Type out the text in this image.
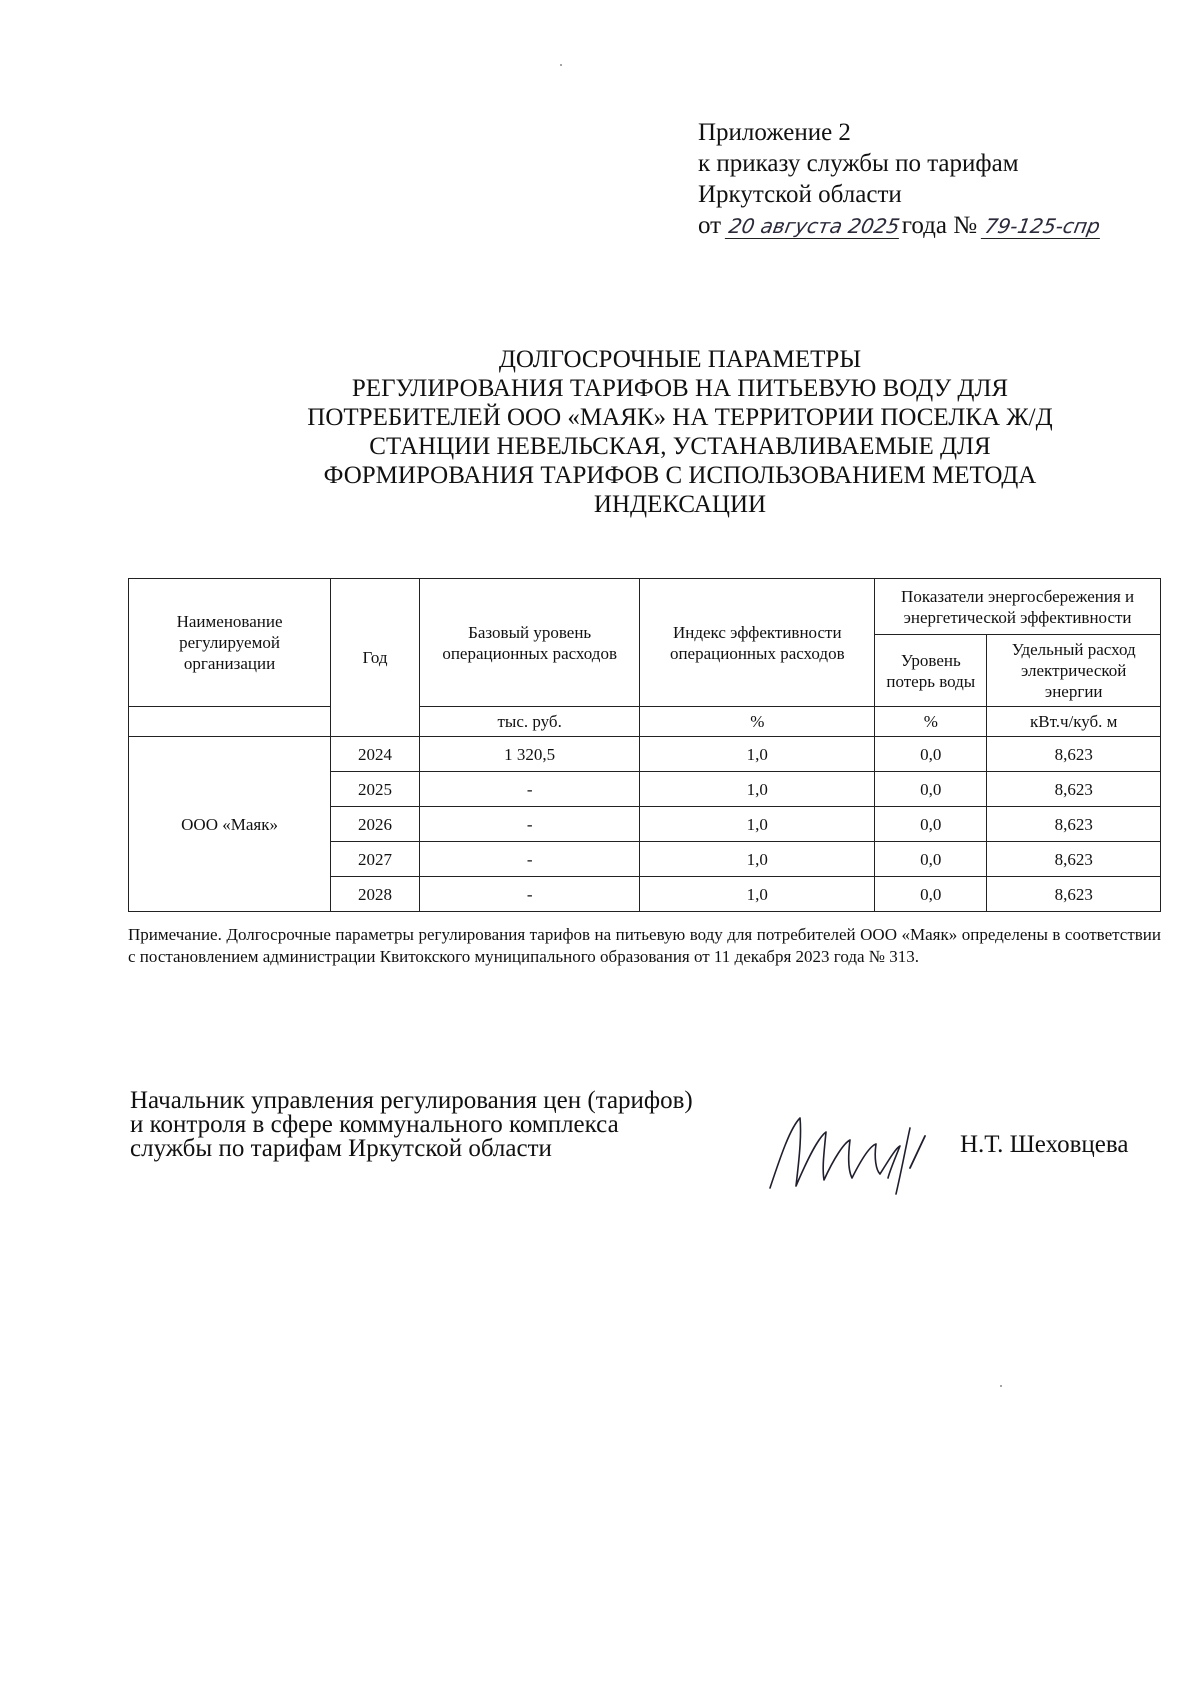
Приложение 2
к приказу службы по тарифам
Иркутской области
от 20 августа 2025года № 79-125-спр
ДОЛГОСРОЧНЫЕ ПАРАМЕТРЫ
РЕГУЛИРОВАНИЯ ТАРИФОВ НА ПИТЬЕВУЮ ВОДУ ДЛЯ
ПОТРЕБИТЕЛЕЙ ООО «МАЯК» НА ТЕРРИТОРИИ ПОСЕЛКА Ж/Д
СТАНЦИИ НЕВЕЛЬСКАЯ, УСТАНАВЛИВАЕМЫЕ ДЛЯ
ФОРМИРОВАНИЯ ТАРИФОВ С ИСПОЛЬЗОВАНИЕМ МЕТОДА
ИНДЕКСАЦИИ
Наименование регулируемой организации	Год	Базовый уровень операционных расходов	Индекс эффективности операционных расходов	Показатели энергосбережения и энергетической эффективности	
				Уровень потерь воды	Удельный расход электрической энергии
		тыс. руб.	%	%	кВт.ч/куб. м
ООО «Маяк»	2024	1 320,5	1,0	0,0	8,623
	2025	-	1,0	0,0	8,623
	2026	-	1,0	0,0	8,623
	2027	-	1,0	0,0	8,623
	2028	-	1,0	0,0	8,623
Примечание. Долгосрочные параметры регулирования тарифов на питьевую воду для потребителей ООО «Маяк» определены в соответствии с постановлением администрации Квитокского муниципального образования от 11 декабря 2023 года № 313.
Начальник управления регулирования цен (тарифов)
и контроля в сфере коммунального комплекса
службы по тарифам Иркутской области	Н.Т. Шеховцева
